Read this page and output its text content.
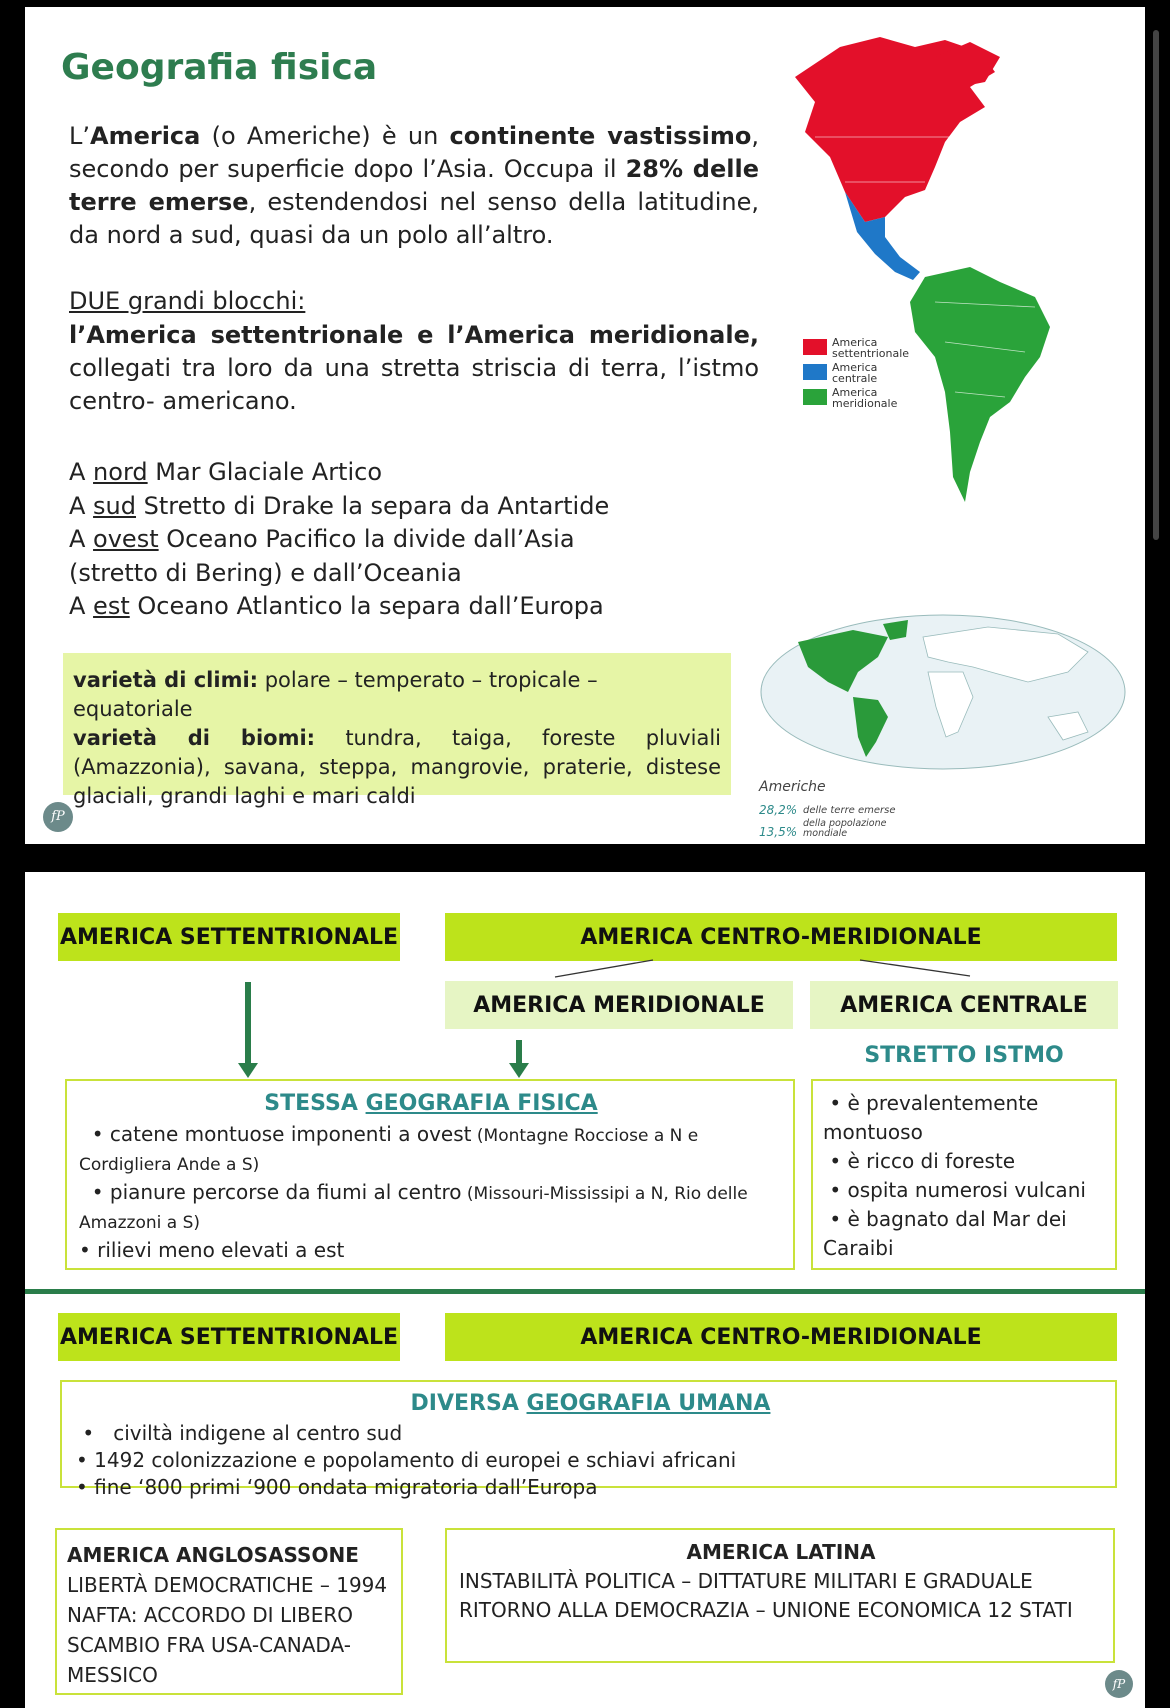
Geografia fisica
L’America (o Americhe) è un continente vastissimo, secondo per superficie dopo l’Asia. Occupa il 28% delle terre emerse, estendendosi nel senso della latitudine, da nord a sud, quasi da un polo all’altro.
DUE grandi blocchi:
l’America settentrionale e l’America meridionale, collegati tra loro da una stretta striscia di terra, l’istmo centro- americano.
A nord Mar Glaciale Artico
A sud Stretto di Drake la separa da Antartide
A ovest Oceano Pacifico la divide dall’Asia
(stretto di Bering) e dall’Oceania
A est Oceano Atlantico la separa dall’Europa
varietà di climi: polare – temperato – tropicale – equatoriale
varietà di biomi: tundra, taiga, foreste pluviali (Amazzonia), savana, steppa, mangrovie, praterie, distese glaciali, grandi laghi e mari caldi
fP
America settentrionale
America centrale
America meridionale
Americhe
28,2% delle terre emerse
13,5%
della popolazione mondiale
AMERICA SETTENTRIONALE	AMERICA CENTRO-MERIDIONALE
AMERICA MERIDIONALE	AMERICA CENTRALE
STRETTO ISTMO
STESSA GEOGRAFIA FISICA
• catene montuose imponenti a ovest (Montagne Rocciose a N e Cordigliera Ande a S)
• pianure percorse da fiumi al centro (Missouri-Mississipi a N, Rio delle Amazzoni a S)
• rilievi meno elevati a est
• è prevalentemente montuoso
• è ricco di foreste
• ospita numerosi vulcani
• è bagnato dal Mar dei Caraibi
AMERICA SETTENTRIONALE	AMERICA CENTRO-MERIDIONALE
DIVERSA GEOGRAFIA UMANA
•   civiltà indigene al centro sud
• 1492 colonizzazione e popolamento di europei e schiavi africani
• fine ‘800 primi ‘900 ondata migratoria dall’Europa
AMERICA ANGLOSASSONE
LIBERTÀ DEMOCRATICHE – 1994 NAFTA: ACCORDO DI LIBERO SCAMBIO FRA USA-CANADA-MESSICO
AMERICA LATINA
INSTABILITÀ POLITICA – DITTATURE MILITARI E GRADUALE RITORNO ALLA DEMOCRAZIA – UNIONE ECONOMICA 12 STATI
fP
